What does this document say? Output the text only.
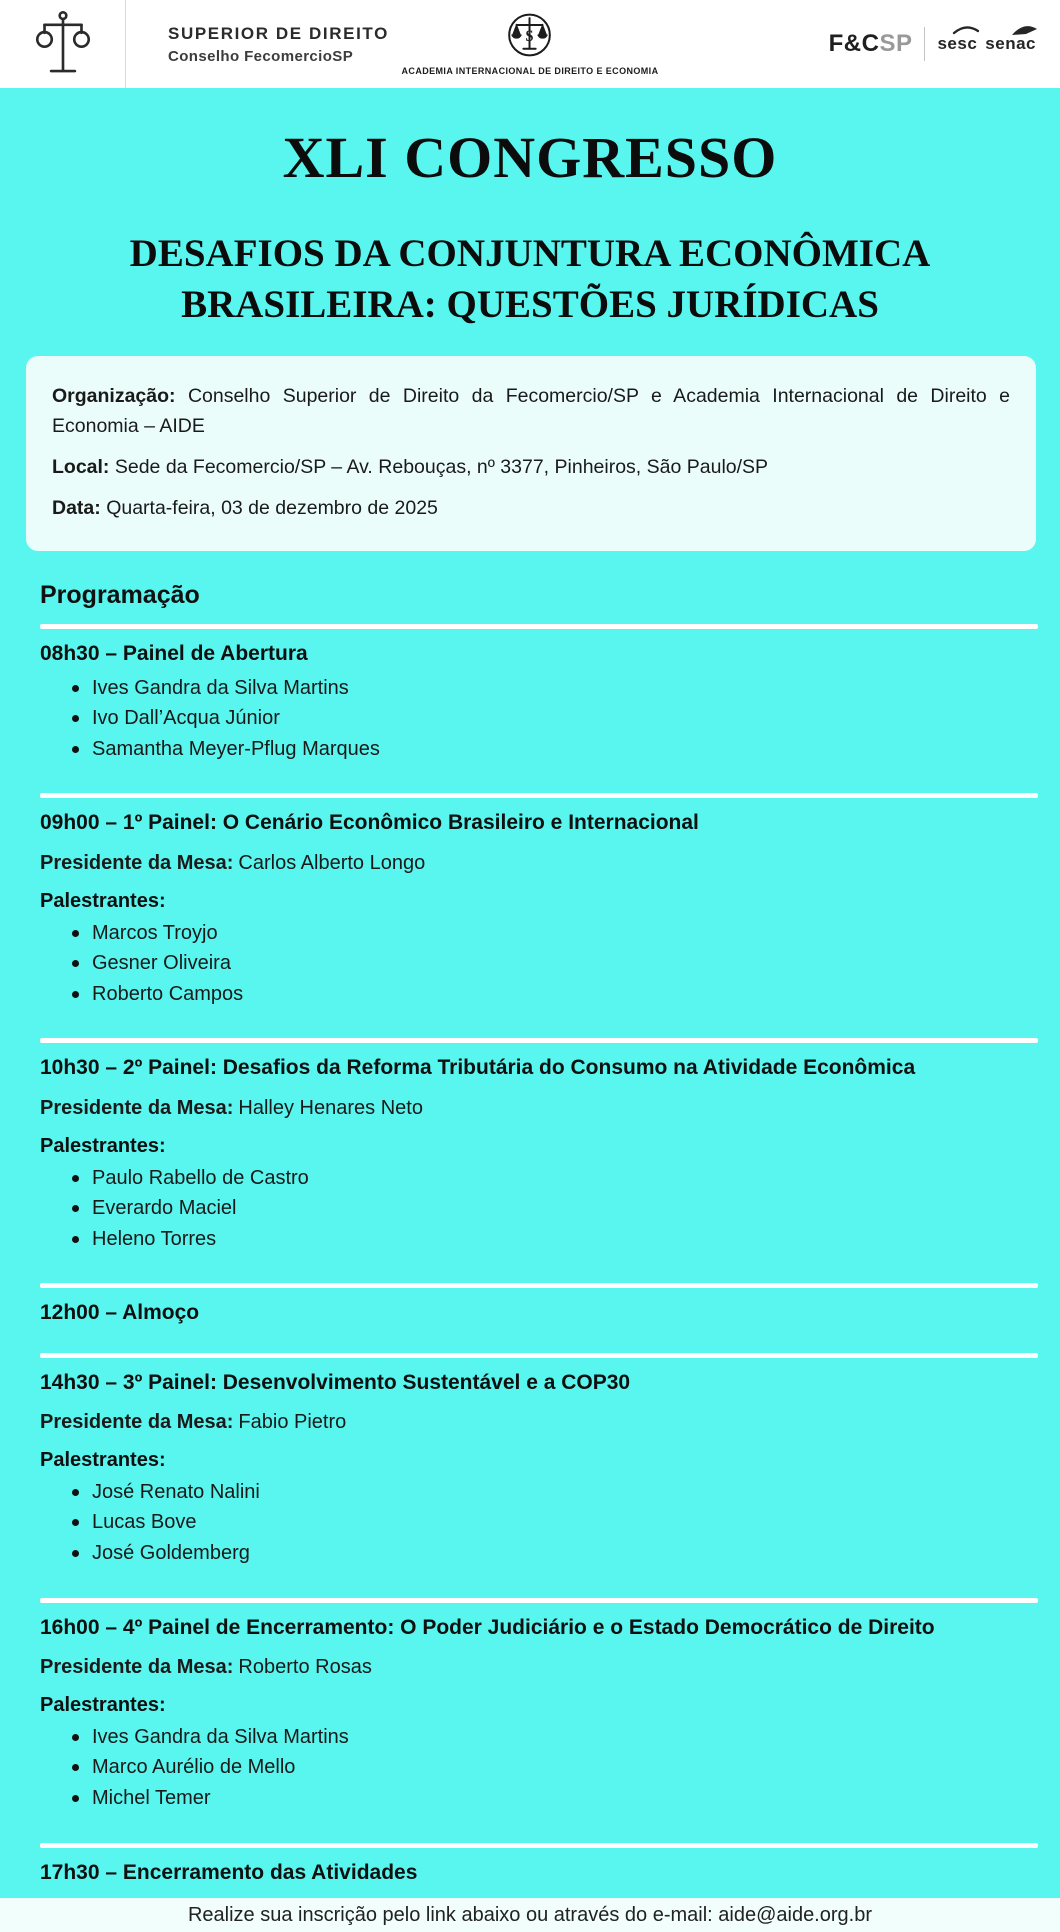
SUPERIOR DE DIREITO
Conselho FecomercioSP
$
ACADEMIA INTERNACIONAL DE DIREITO E ECONOMIA
F&CSP sesc senac
XLI CONGRESSO
DESAFIOS DA CONJUNTURA ECONÔMICA
BRASILEIRA: QUESTÕES JURÍDICAS

Organização: Conselho Superior de Direito da Fecomercio/SP e Academia Internacional de Direito e Economia – AIDE

Local: Sede da Fecomercio/SP – Av. Rebouças, nº 3377, Pinheiros, São Paulo/SP

Data: Quarta-feira, 03 de dezembro de 2025

Programação
08h30 – Painel de Abertura
Ives Gandra da Silva Martins
Ivo Dall’Acqua Júnior
Samantha Meyer-Pflug Marques
09h00 – 1º Painel: O Cenário Econômico Brasileiro e Internacional
Presidente da Mesa: Carlos Alberto Longo
Palestrantes:
Marcos Troyjo
Gesner Oliveira
Roberto Campos
10h30 – 2º Painel: Desafios da Reforma Tributária do Consumo na Atividade Econômica
Presidente da Mesa: Halley Henares Neto
Palestrantes:
Paulo Rabello de Castro
Everardo Maciel
Heleno Torres
12h00 – Almoço
14h30 – 3º Painel: Desenvolvimento Sustentável e a COP30
Presidente da Mesa: Fabio Pietro
Palestrantes:
José Renato Nalini
Lucas Bove
José Goldemberg
16h00 – 4º Painel de Encerramento: O Poder Judiciário e o Estado Democrático de Direito
Presidente da Mesa: Roberto Rosas
Palestrantes:
Ives Gandra da Silva Martins
Marco Aurélio de Mello
Michel Temer
17h30 – Encerramento das Atividades
Realize sua inscrição pelo link abaixo ou através do e-mail: aide@aide.org.br
